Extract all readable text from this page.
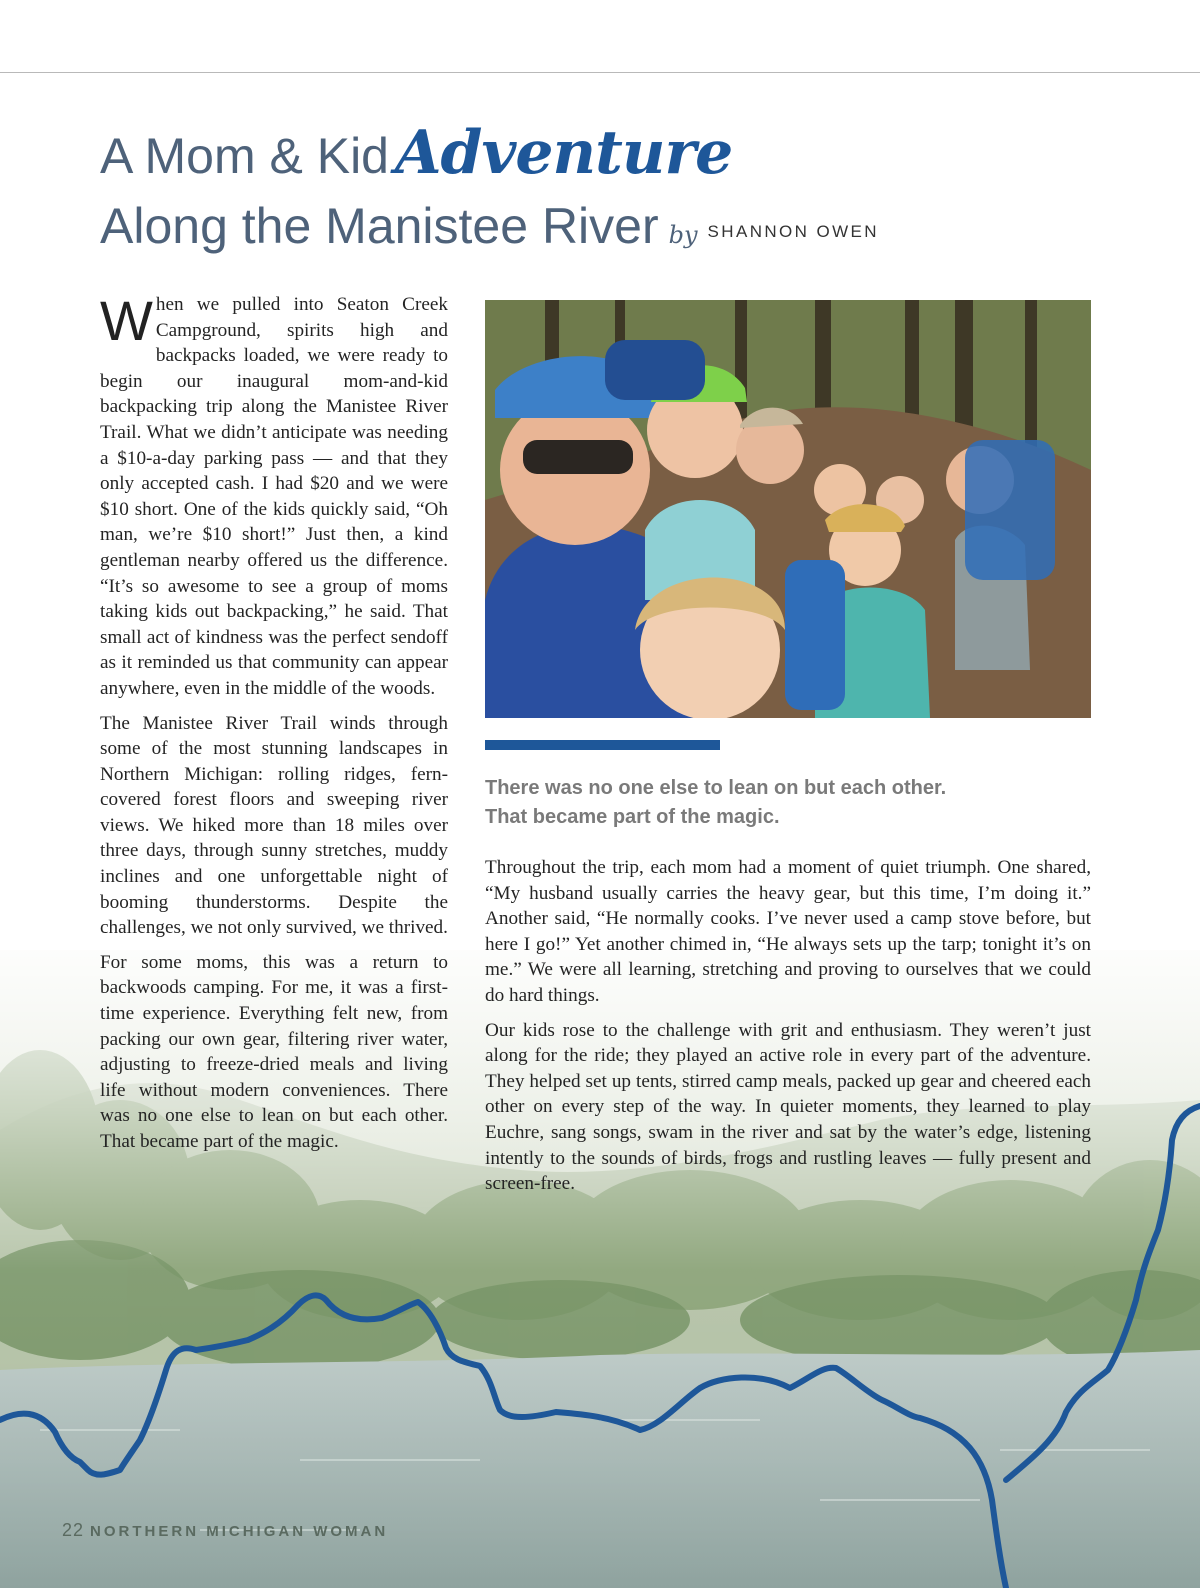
A Mom & Kid Adventure
Along the Manistee River by SHANNON OWEN

When we pulled into Seaton Creek Campground, spirits high and backpacks loaded, we were ready to begin our inaugural mom-and-kid backpacking trip along the Manistee River Trail. What we didn’t anticipate was needing a $10-a-day parking pass — and that they only accepted cash. I had $20 and we were $10 short. One of the kids quickly said, “Oh man, we’re $10 short!” Just then, a kind gentleman nearby offered us the difference. “It’s so awesome to see a group of moms taking kids out backpacking,” he said. That small act of kindness was the perfect sendoff as it reminded us that community can appear anywhere, even in the middle of the woods.

The Manistee River Trail winds through some of the most stunning landscapes in Northern Michigan: rolling ridges, fern-covered forest floors and sweeping river views. We hiked more than 18 miles over three days, through sunny stretches, muddy inclines and one unforgettable night of booming thunderstorms. Despite the challenges, we not only survived, we thrived.

For some moms, this was a return to backwoods camping. For me, it was a first-time experience. Everything felt new, from packing our own gear, filtering river water, adjusting to freeze-dried meals and living life without modern conveniences. There was no one else to lean on but each other. That became part of the magic.

There was no one else to lean on but each other.
That became part of the magic.

Throughout the trip, each mom had a moment of quiet triumph. One shared, “My husband usually carries the heavy gear, but this time, I’m doing it.” Another said, “He normally cooks. I’ve never used a camp stove before, but here I go!” Yet another chimed in, “He always sets up the tarp; tonight it’s on me.” We were all learning, stretching and proving to ourselves that we could do hard things.

Our kids rose to the challenge with grit and enthusiasm. They weren’t just along for the ride; they played an active role in every part of the adventure. They helped set up tents, stirred camp meals, packed up gear and cheered each other on every step of the way. In quieter moments, they learned to play Euchre, sang songs, swam in the river and sat by the water’s edge, listening intently to the sounds of birds, frogs and rustling leaves — fully present and screen-free.

22 NORTHERN MICHIGAN WOMAN
